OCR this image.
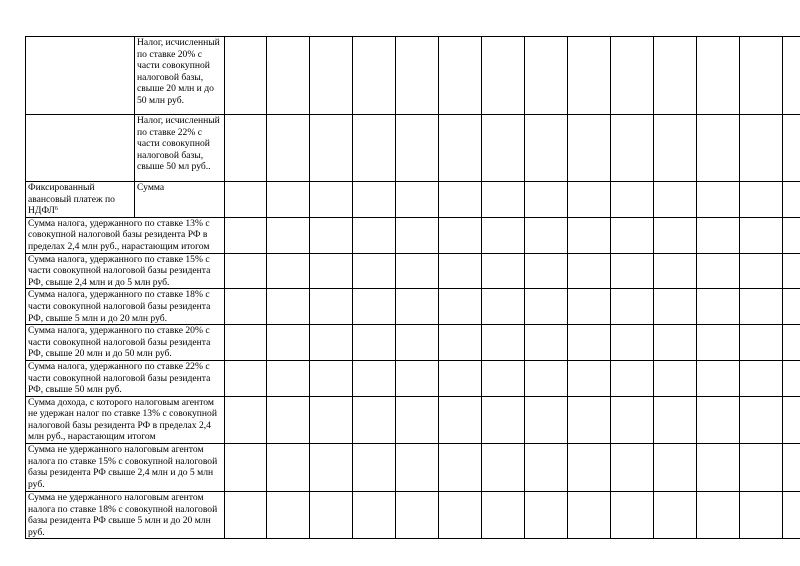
	Налог, исчисленный по ставке 20% с части совокупной налоговой базы, свыше 20 млн и до 50 млн руб.														
	Налог, исчисленный по ставке 22% с части совокупной налоговой базы, свыше 50 мл руб..														
Фиксированный авансовый платеж по НДФЛ$^6$	Сумма														
Сумма налога, удержанного по ставке 13% с совокупной налоговой базы резидента РФ в пределах 2,4 млн руб., нарастающим итогом															
Сумма налога, удержанного по ставке 15% с части совокупной налоговой базы резидента РФ, свыше 2,4 млн и до 5 млн руб.															
Сумма налога, удержанного по ставке 18% с части совокупной налоговой базы резидента РФ, свыше 5 млн и до 20 млн руб.															
Сумма налога, удержанного по ставке 20% с части совокупной налоговой базы резидента РФ, свыше 20 млн и до 50 млн руб.															
Сумма налога, удержанного по ставке 22% с части совокупной налоговой базы резидента РФ, свыше 50 млн руб.															
Сумма дохода, с которого налоговым агентом не удержан налог по ставке 13% с совокупной налоговой базы резидента РФ в пределах 2,4 млн руб., нарастающим итогом															
Сумма не удержанного налоговым агентом налога по ставке 15% с совокупной налоговой базы резидента РФ свыше 2,4 млн и до 5 млн руб.															
Сумма не удержанного налоговым агентом налога по ставке 18% с совокупной налоговой базы резидента РФ свыше 5 млн и до 20 млн руб.															
